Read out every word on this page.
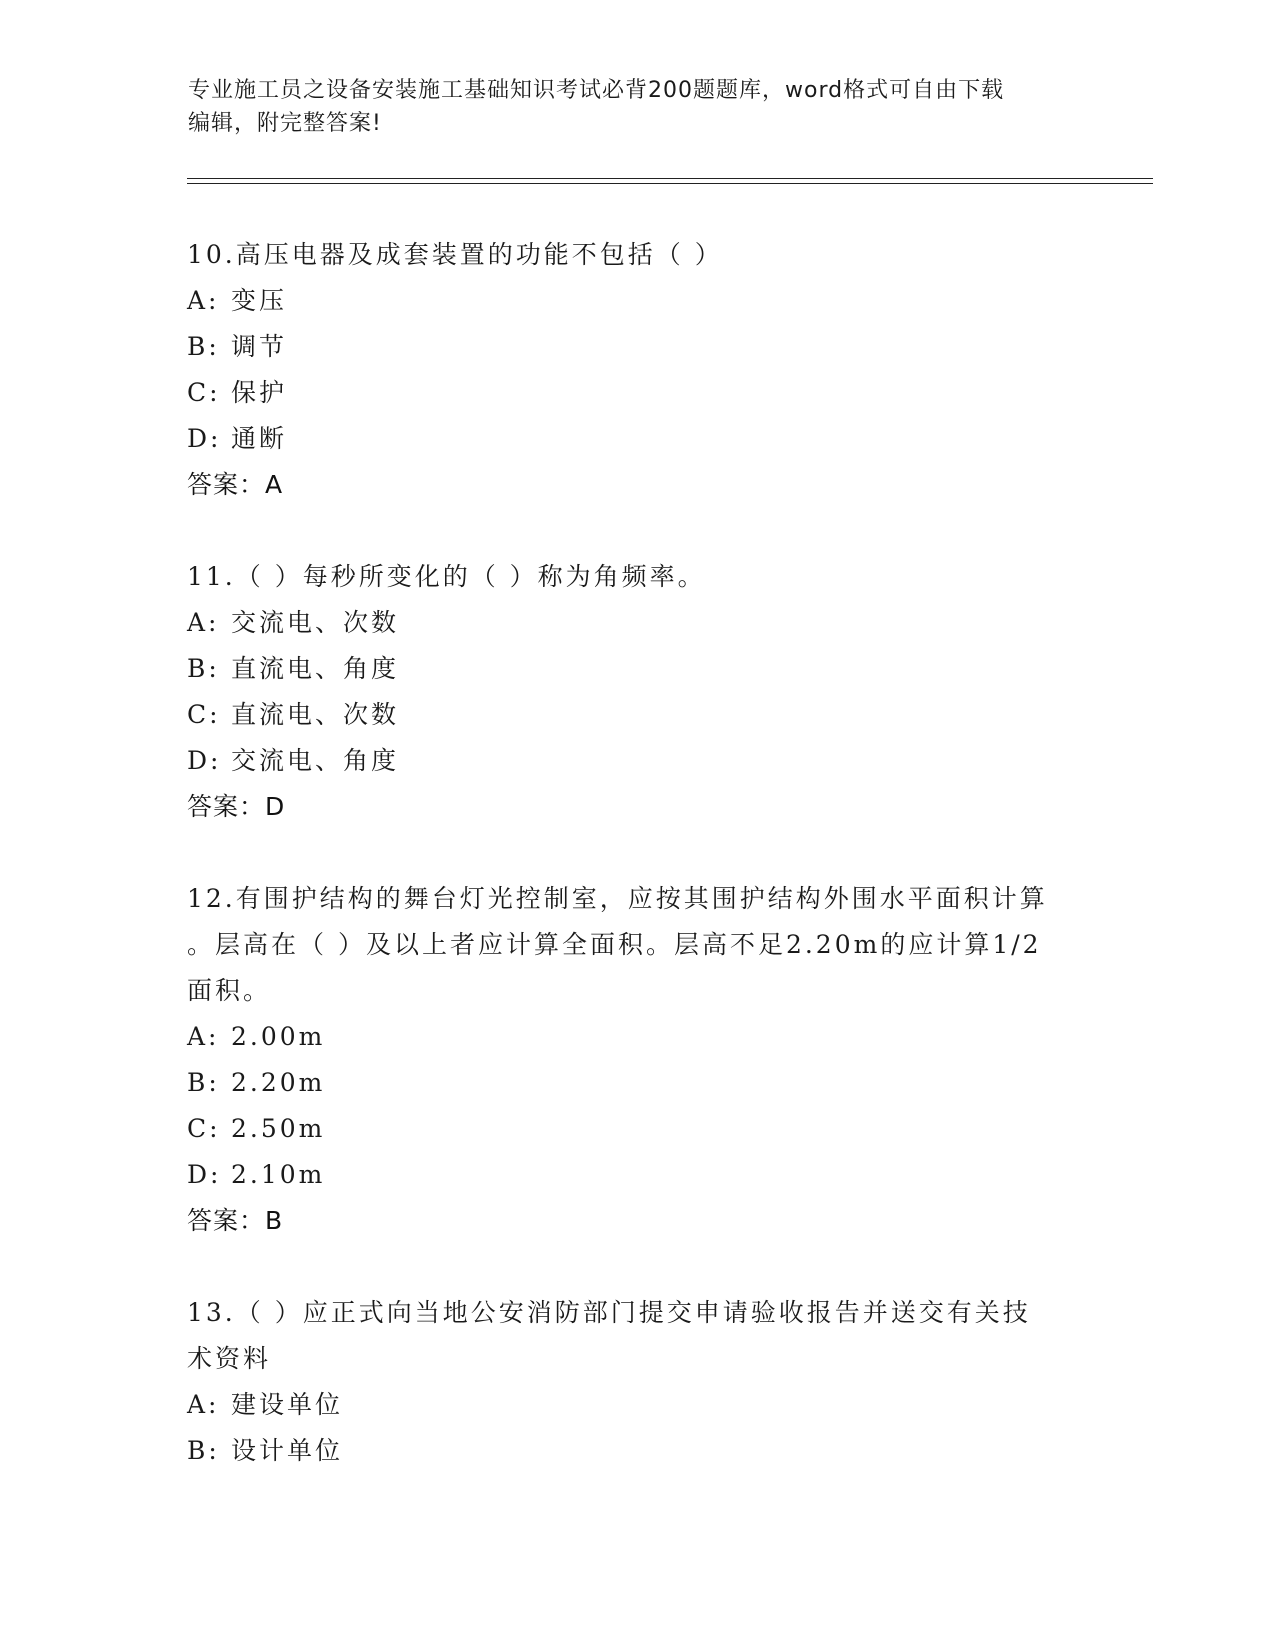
专业施工员之设备安装施工基础知识考试必背200题题库，word格式可自由下载
编辑，附完整答案!
10.高压电器及成套装置的功能不包括（ ）
A: 变压
B: 调节
C: 保护
D: 通断
答案：A
11.（ ）每秒所变化的（ ）称为角频率。
A: 交流电、次数
B: 直流电、角度
C: 直流电、次数
D: 交流电、角度
答案：D
12.有围护结构的舞台灯光控制室，应按其围护结构外围水平面积计算
。层高在（ ）及以上者应计算全面积。层高不足2.20m的应计算1/2
面积。
A: 2.00m
B: 2.20m
C: 2.50m
D: 2.10m
答案：B
13.（ ）应正式向当地公安消防部门提交申请验收报告并送交有关技
术资料
A: 建设单位
B: 设计单位
